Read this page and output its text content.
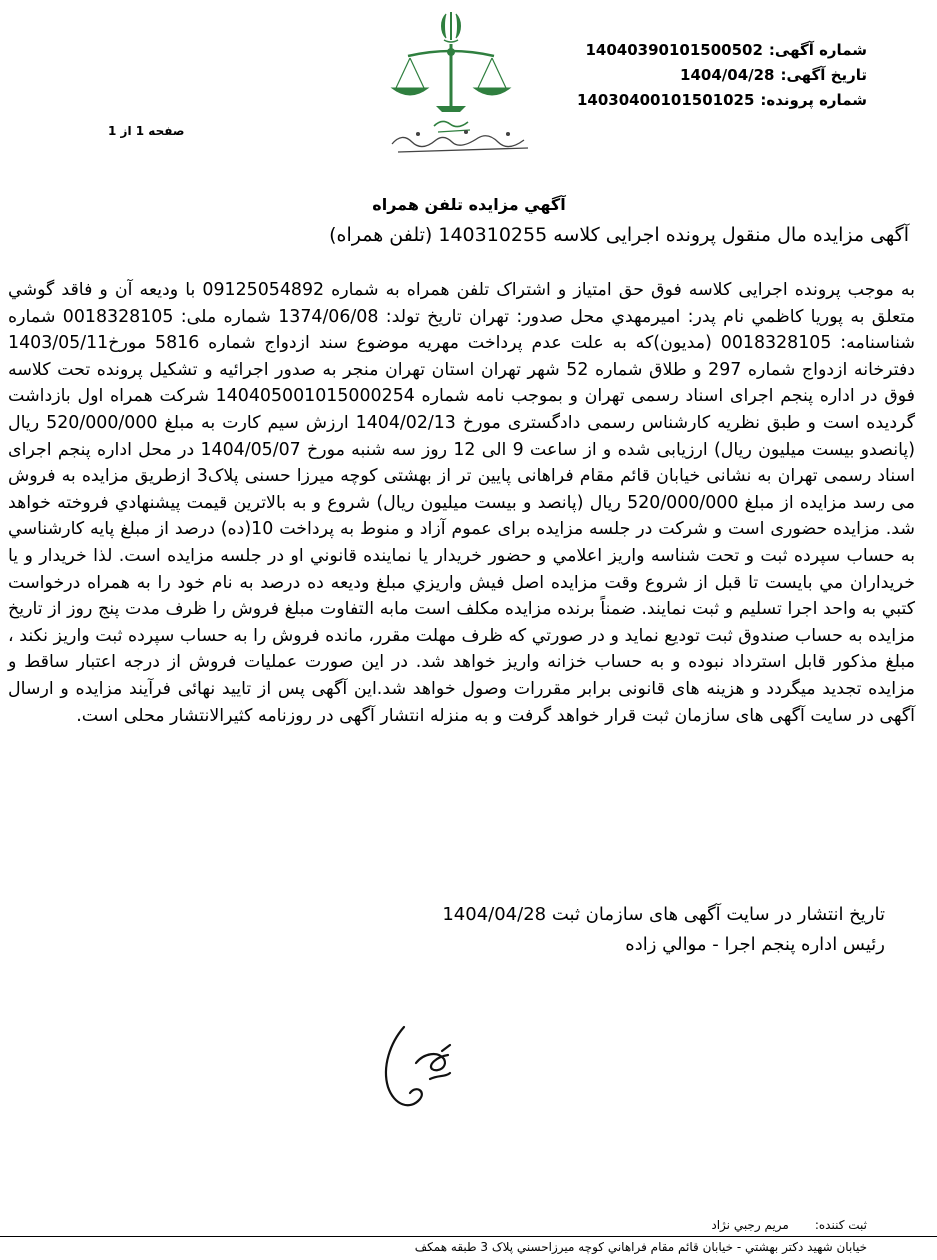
شماره آگهی:14040390101500502
تاریخ آگهی:1404/04/28
شماره پرونده:14030400101501025
صفحه 1 از 1
آگهي مزايده تلفن همراه
آگهی مزایده مال منقول پرونده اجرایی کلاسه 140310255 (تلفن همراه)
به موجب پرونده اجرایی کلاسه فوق حق امتیاز و اشتراک تلفن همراه به شماره 09125054892 با ودیعه آن و فاقد گوشي متعلق به پوريا كاظمي نام پدر: اميرمهدي محل صدور: تهران تاریخ تولد: 1374/06/08 شماره ملی: 0018328105 شماره شناسنامه: 0018328105 (مدیون)که به علت عدم پرداخت مهریه موضوع سند ازدواج شماره 5816 مورخ1403/05/11 دفترخانه ازدواج شماره 297 و طلاق شماره 52 شهر تهران استان تهران منجر به صدور اجرائیه و تشکیل پرونده تحت کلاسه فوق در اداره پنجم اجرای اسناد رسمی تهران و بموجب نامه شماره 140405001015000254 شرکت همراه اول بازداشت گردیده است و طبق نظریه کارشناس رسمی دادگستری مورخ 1404/02/13 ارزش سیم کارت به مبلغ 520/000/000 ریال (پانصدو بیست میلیون ریال) ارزیابی شده و از ساعت 9 الی 12 روز سه شنبه مورخ 1404/05/07 در محل اداره پنجم اجرای اسناد رسمی تهران به نشانی خیابان قائم مقام فراهانی پایین تر از بهشتی کوچه میرزا حسنی پلاک3 ازطریق مزایده به فروش می رسد مزایده از مبلغ 520/000/000 ریال (پانصد و بیست میلیون ریال) شروع و به بالاترین قیمت پیشنهادي فروخته خواهد شد. مزایده حضوری است و شرکت در جلسه مزایده برای عموم آزاد و منوط به پرداخت 10(ده) درصد از مبلغ پايه كارشناسي به حساب سپرده ثبت و تحت شناسه واريز اعلامي و حضور خريدار يا نماينده قانوني او در جلسه مزايده است. لذا خريدار و يا خريداران مي بايست تا قبل از شروع وقت مزايده اصل فيش واريزي مبلغ وديعه ده درصد به نام خود را به همراه درخواست كتبي به واحد اجرا تسليم و ثبت نمايند. ضمناً برنده مزایده مکلف است مابه التفاوت مبلغ فروش را ظرف مدت پنج روز از تاریخ مزایده به حساب صندوق ثبت توديع نمايد و در صورتي كه ظرف مهلت مقرر، مانده فروش را به حساب سپرده ثبت واريز نكند ، مبلغ مذكور قابل استرداد نبوده و به حساب خزانه واريز خواهد شد. در این صورت عملیات فروش از درجه اعتبار ساقط و مزایده تجدید میگردد و هزینه های قانونی برابر مقررات وصول خواهد شد.این آگهی پس از تایید نهائی فرآیند مزایده و ارسال آگهی در سایت آگهی های سازمان ثبت قرار خواهد گرفت و به منزله انتشار آگهی در روزنامه کثیرالانتشار محلی است.
تاريخ انتشار در سایت آگهی های سازمان ثبت 1404/04/28
رئيس اداره پنجم اجرا - موالي زاده
ثبت کننده:مريم رجبي نژاد
خيابان شهيد دكتر بهشتي - خيابان قائم مقام فراهاني كوچه ميرزاحسني پلاک 3 طبقه همكف
